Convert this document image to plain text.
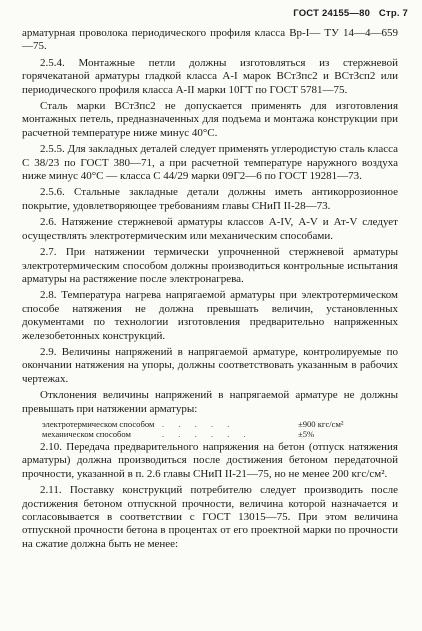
ГОСТ 24155—80 Стр. 7

арматурная проволока периодического профиля класса Вр-I— ТУ 14—4—659—75.

2.5.4. Монтажные петли должны изготовляться из стержневой горячекатаной арматуры гладкой класса А-I марок ВСтЗпс2 и ВСтЗсп2 или периодического профиля класса А-II марки 10ГТ по ГОСТ 5781—75.

Сталь марки ВСтЗпс2 не допускается применять для изготовления монтажных петель, предназначенных для подъема и монтажа конструкции при расчетной температуре ниже минус 40°С.

2.5.5. Для закладных деталей следует применять углеродистую сталь класса С 38/23 по ГОСТ 380—71, а при расчетной температуре наружного воздуха ниже минус 40°С — класса С 44/29 марки 09Г2—6 по ГОСТ 19281—73.

2.5.6. Стальные закладные детали должны иметь антикоррозионное покрытие, удовлетворяющее требованиям главы СНиП II-28—73.

2.6. Натяжение стержневой арматуры классов А-IV, А-V и Ат-V следует осуществлять электротермическим или механическим способами.

2.7. При натяжении термически упрочненной стержневой арматуры электротермическим способом должны производиться контрольные испытания арматуры на растяжение после электронагрева.

2.8. Температура нагрева напрягаемой арматуры при электротермическом способе натяжения не должна превышать величин, установленных документами по технологии изготовления предварительно напряженных железобетонных конструкций.

2.9. Величины напряжений в напрягаемой арматуре, контролируемые по окончании натяжения на упоры, должны соответствовать указанным в рабочих чертежах.

Отклонения величины напряжений в напрягаемой арматуре не должны превышать при натяжении арматуры:

электротермическом способом . . . . .	±900 кгс/см²
механическом способом	. . . . . .	±5%

2.10. Передача предварительного напряжения на бетон (отпуск натяжения арматуры) должна производиться после достижения бетоном передаточной прочности, указанной в п. 2.6 главы СНиП II-21—75, но не менее 200 кгс/см².

2.11. Поставку конструкций потребителю следует производить после достижения бетоном отпускной прочности, величина которой назначается и согласовывается в соответствии с ГОСТ 13015—75. При этом величина отпускной прочности бетона в процентах от его проектной марки по прочности на сжатие должна быть не менее:
